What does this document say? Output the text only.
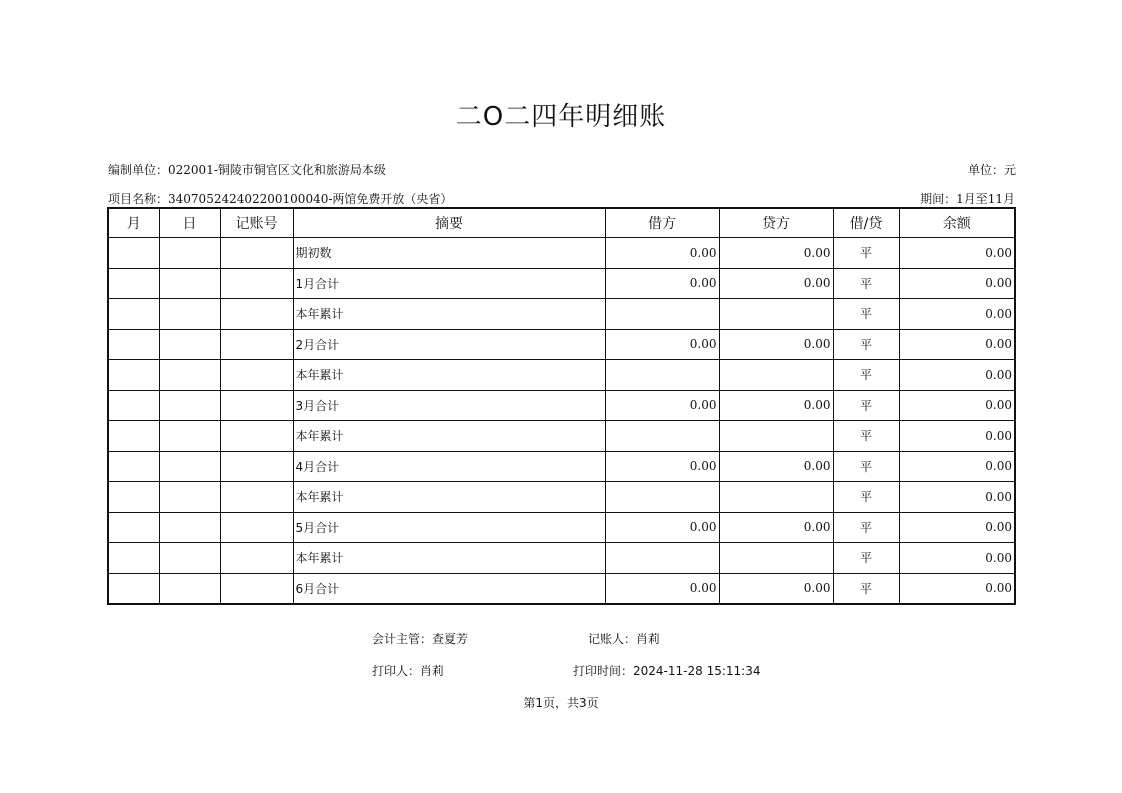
二O二四年明细账
编制单位：022001-铜陵市铜官区文化和旅游局本级	单位：元
项目名称：340705242402200100040-两馆免费开放（央省）	期间：1月至11月
月	日	记账号	摘要	借方	贷方	借/贷	余额
			期初数	0.00	0.00	平	0.00
			1月合计	0.00	0.00	平	0.00
			本年累计			平	0.00
			2月合计	0.00	0.00	平	0.00
			本年累计			平	0.00
			3月合计	0.00	0.00	平	0.00
			本年累计			平	0.00
			4月合计	0.00	0.00	平	0.00
			本年累计			平	0.00
			5月合计	0.00	0.00	平	0.00
			本年累计			平	0.00
			6月合计	0.00	0.00	平	0.00
会计主管：查夏芳	记账人：肖莉
打印人：肖莉	打印时间：2024-11-28 15:11:34
第1页，共3页
